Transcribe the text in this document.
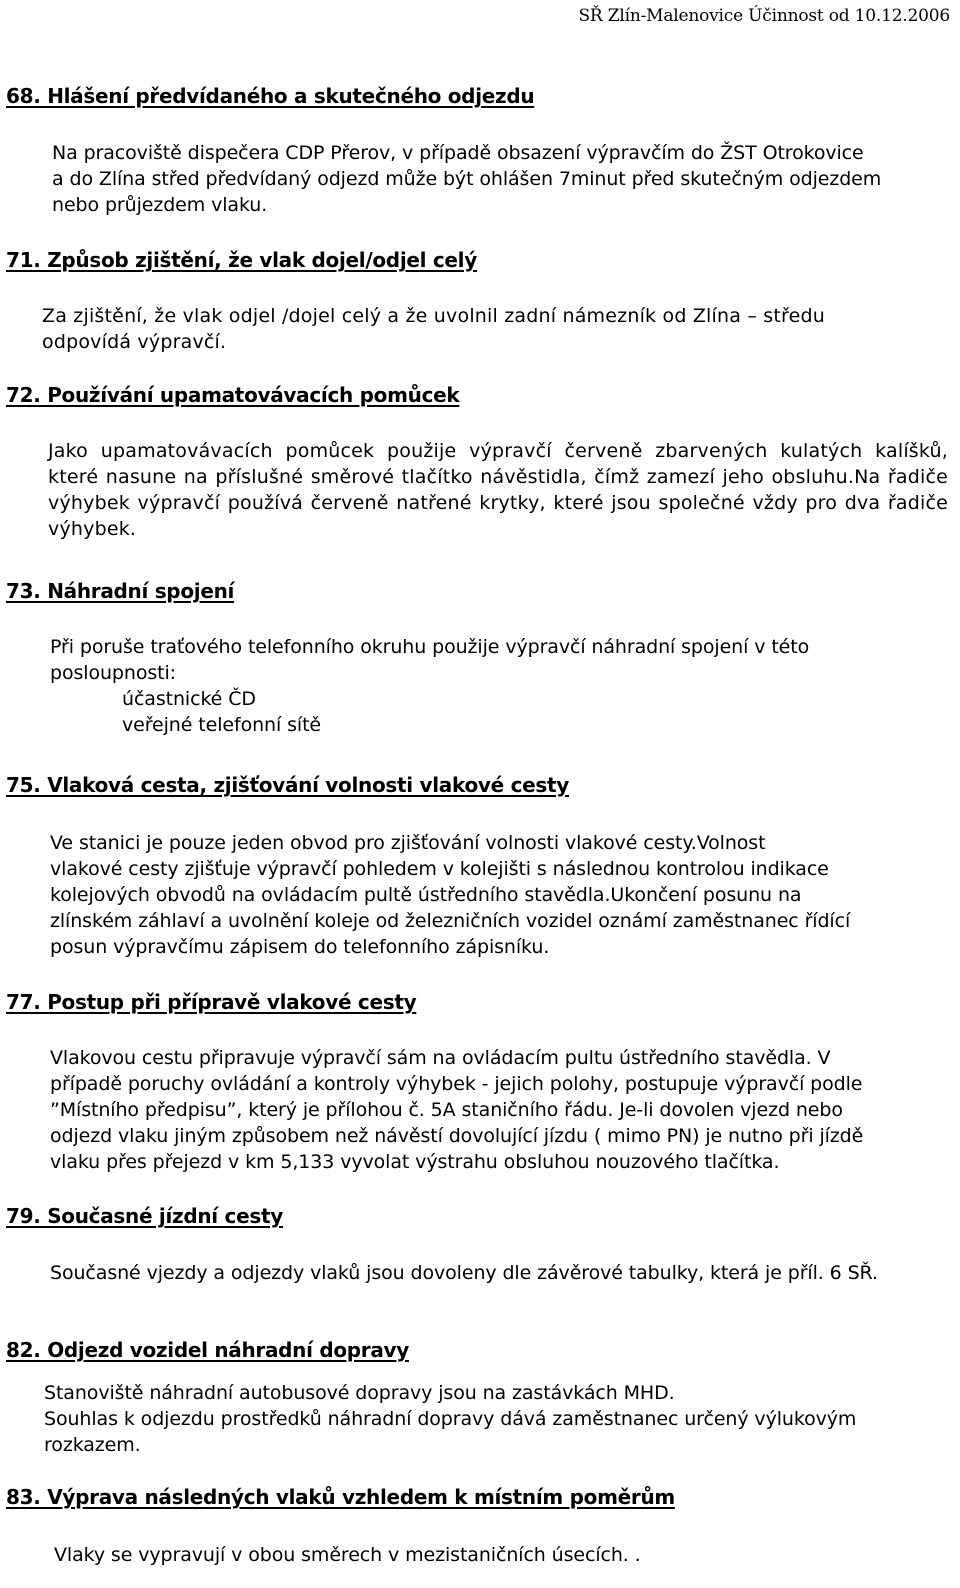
SŘ Zlín-Malenovice Účinnost od 10.12.2006
68. Hlášení předvídaného a skutečného odjezdu

Na pracoviště dispečera CDP Přerov, v případě obsazení výpravčím do ŽST Otrokovice
a do Zlína střed předvídaný odjezd může být ohlášen 7minut před skutečným odjezdem
nebo průjezdem vlaku.

71. Způsob zjištění, že vlak dojel/odjel celý

Za zjištění, že vlak odjel /dojel celý a že uvolnil zadní námezník od Zlína – středu
odpovídá výpravčí.

72. Používání upamatovávacích pomůcek

Jako upamatovávacích pomůcek použije výpravčí červeně zbarvených kulatých kalíšků, které nasune na příslušné směrové tlačítko návěstidla, čímž zamezí jeho obsluhu.Na řadiče výhybek výpravčí používá červeně natřené krytky, které jsou společné vždy pro dva řadiče výhybek.

73. Náhradní spojení

Při poruše traťového telefonního okruhu použije výpravčí náhradní spojení v této
posloupnosti:
účastnické ČD
veřejné telefonní sítě

75. Vlaková cesta, zjišťování volnosti vlakové cesty

Ve stanici je pouze jeden obvod pro zjišťování volnosti vlakové cesty.Volnost
vlakové cesty zjišťuje výpravčí pohledem v kolejišti s následnou kontrolou indikace
kolejových obvodů na ovládacím pultě ústředního stavědla.Ukončení posunu na
zlínském záhlaví a uvolnění koleje od železničních vozidel oznámí zaměstnanec řídící
posun výpravčímu zápisem do telefonního zápisníku.

77. Postup při přípravě vlakové cesty

Vlakovou cestu připravuje výpravčí sám na ovládacím pultu ústředního stavědla. V
případě poruchy ovládání a kontroly výhybek - jejich polohy, postupuje výpravčí podle
”Místního předpisu”, který je přílohou č. 5A staničního řádu. Je-li dovolen vjezd nebo
odjezd vlaku jiným způsobem než návěstí dovolující jízdu ( mimo PN) je nutno při jízdě
vlaku přes přejezd v km 5,133 vyvolat výstrahu obsluhou nouzového tlačítka.

79. Současné jízdní cesty

Současné vjezdy a odjezdy vlaků jsou dovoleny dle závěrové tabulky, která je příl. 6 SŘ.

82. Odjezd vozidel náhradní dopravy

Stanoviště náhradní autobusové dopravy jsou na zastávkách MHD.
Souhlas k odjezdu prostředků náhradní dopravy dává zaměstnanec určený výlukovým
rozkazem.

83. Výprava následných vlaků vzhledem k místním poměrům

Vlaky se vypravují v obou směrech v mezistaničních úsecích. .
